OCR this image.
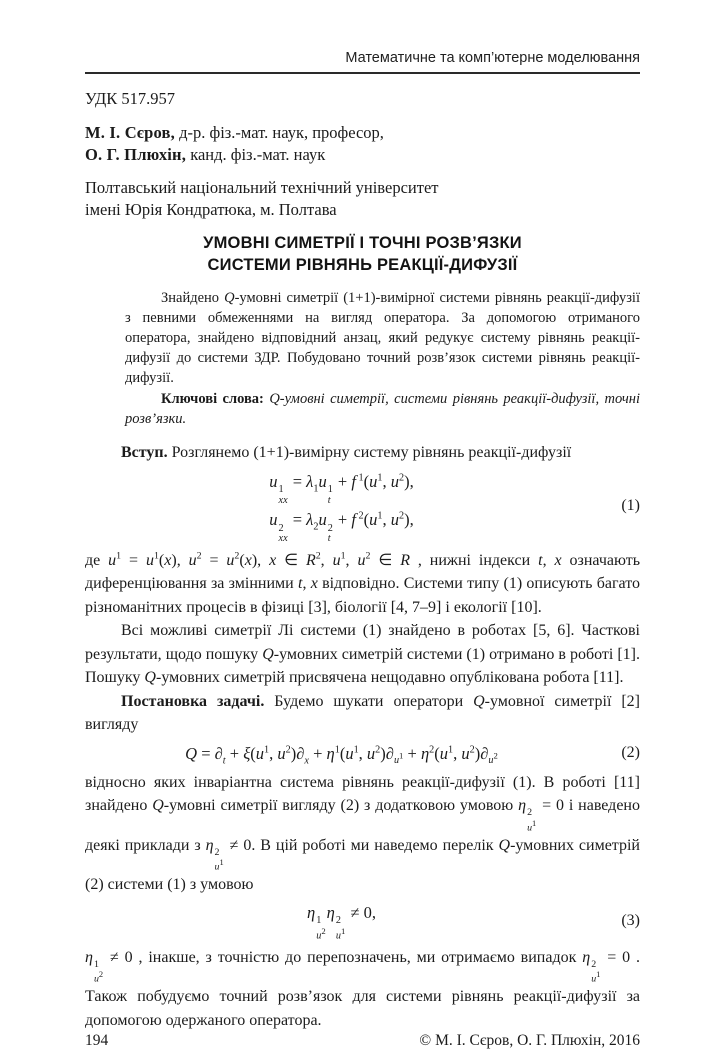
Математичне та комп’ютерне моделювання
УДК 517.957
М. І. Сєров, д-р. фіз.-мат. наук, професор,
О. Г. Плюхін, канд. фіз.-мат. наук
Полтавський національний технічний університет
імені Юрія Кондратюка, м. Полтава
УМОВНІ СИМЕТРІЇ І ТОЧНІ РОЗВ’ЯЗКИ
СИСТЕМИ РІВНЯНЬ РЕАКЦІЇ-ДИФУЗІЇ

Знайдено Q-умовні симетрії (1+1)-вимірної системи рівнянь реакції-дифузії з певними обмеженнями на вигляд оператора. За допомогою отриманого оператора, знайдено відповідний анзац, який редукує систему рівнянь реакції-дифузії до системи ЗДР. Побудовано точний розв’язок системи рівнянь реакції-дифузії.

Ключові слова: Q-умовні симетрії, системи рівнянь реакції-дифузії, точні розв’язки.

Вступ. Розглянемо (1+1)-вимірну систему рівнянь реакції-дифузії

u 1
xx
= $\lambda_1u$ 1
t
+ f $^1(u^1$, $u^2$),
u 2
xx
= $\lambda_2u$ 2
t
+ f $^2(u^1$, $u^2$),
(1)

де $u^1 = u^1(x)$, $u^2 = u^2(x)$, x ∈ $R^2$, $u^1$, $u^2$ ∈ R , нижні індекси t, x означають диференціювання за змінними t, x відповідно. Системи типу (1) описують багато різноманітних процесів в фізиці [3], біології [4, 7–9] і екології [10].

Всі можливі симетрії Лі системи (1) знайдено в роботах [5, 6]. Часткові результати, щодо пошуку Q-умовних симетрій системи (1) отримано в роботі [1]. Пошуку Q-умовних симетрій присвячена нещодавно опублікована робота [11].

Постановка задачі. Будемо шукати оператори Q-умовної симетрії [2] вигляду

$Q = \partial_t + \xi(u^1$, $u^2)\partial_x + \eta^1(u^1$, $u^2)\partial_{u^1} + \eta^2(u^1$, $u^2)\partial_{u^2}$	(2)

відносно яких інваріантна система рівнянь реакції-дифузії (1). В роботі [11] знайдено Q-умовні симетрії вигляду (2) з додатковою умовою η 2
$u^1$
= 0 і наведено деякі приклади з η 2
$u^1$
≠ 0. В цій роботі ми наведемо перелік Q-умовних симетрій (2) системи (1) з умовою

η 1
$u^2$
η 2
$u^1$
≠ 0,	(3)

η 1
$u^2$
≠ 0 , інакше, з точністю до перепозначень, ми отримаємо випадок η 2
$u^1$
= 0 . Також побудуємо точний розв’язок для системи рівнянь реакції-дифузії за допомогою одержаного оператора.

194	© М. І. Сєров, О. Г. Плюхін, 2016
